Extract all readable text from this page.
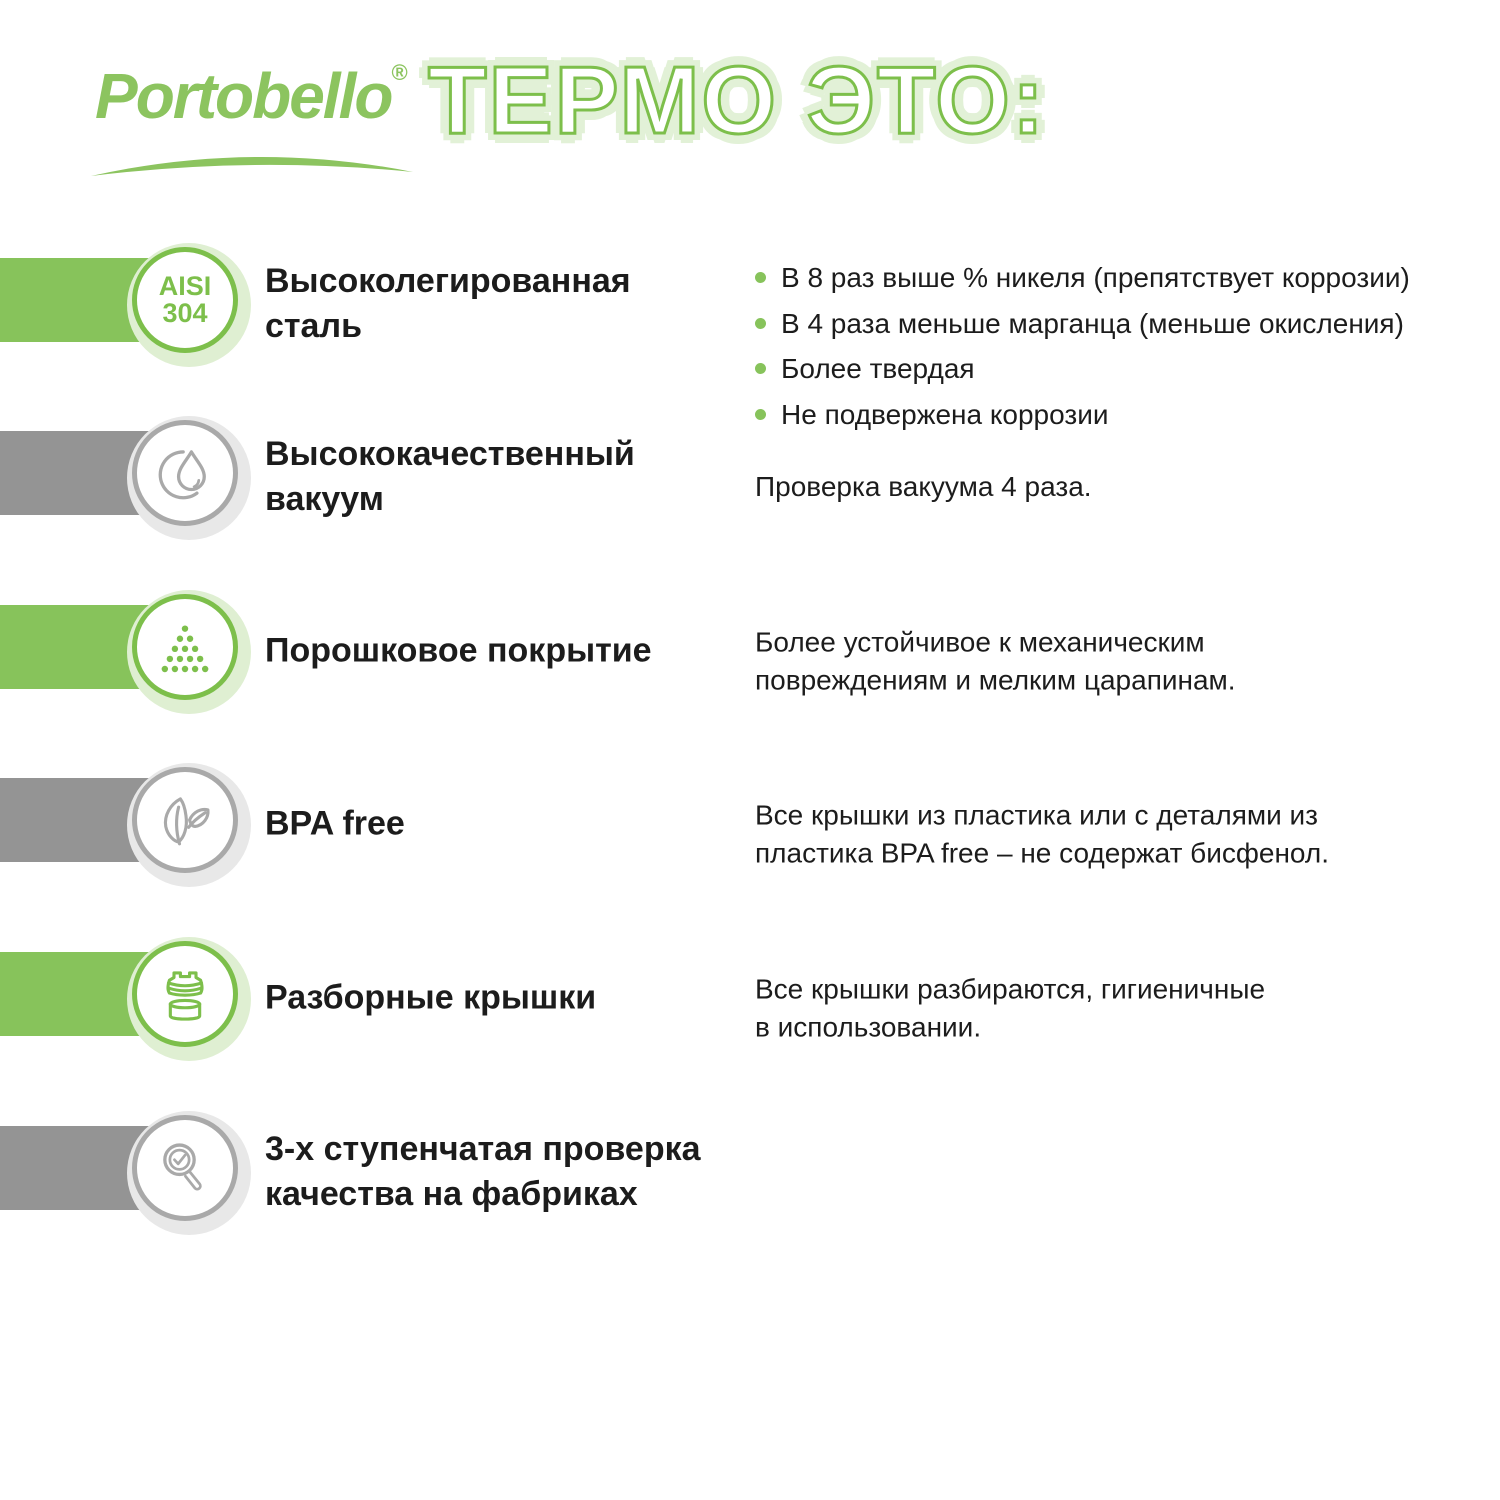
Portobello® ТЕРМО ЭТО:
AISI
304
Высоколегированная
сталь
В 8 раз выше % никеля (препятствует коррозии)
В 4 раза меньше марганца (меньше окисления)
Более твердая
Не подвержена коррозии
Высококачественный
вакуум	Проверка вакуума 4 раза.
Порошковое покрытие	Более устойчивое к механическим
повреждениям и мелким царапинам.
BPA free	Все крышки из пластика или с деталями из
пластика BPA free – не содержат бисфенол.
Разборные крышки	Все крышки разбираются, гигиеничные
в использовании.
3-х ступенчатая проверка
качества на фабриках
